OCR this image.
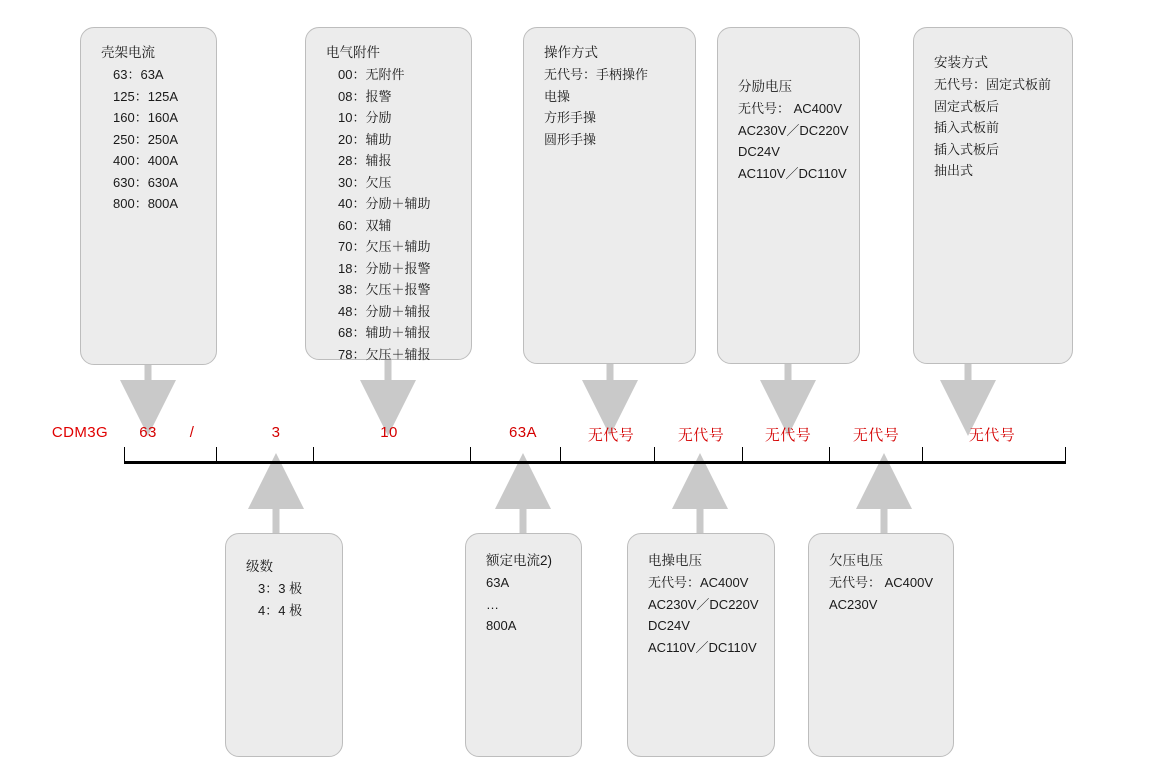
壳架电流
63：63A
125：125A
160：160A
250：250A
400：400A
630：630A
800：800A
电气附件
00：无附件
08：报警
10：分励
20：辅助
28：辅报
30：欠压
40：分励＋辅助
60：双辅
70：欠压＋辅助
18：分励＋报警
38：欠压＋报警
48：分励＋辅报
68：辅助＋辅报
78：欠压＋辅报
操作方式
无代号：手柄操作
电操
方形手操
圆形手操
分励电压
无代号： AC400V
AC230V／DC220V
DC24V
AC110V／DC110V
安装方式
无代号：固定式板前
固定式板后
插入式板前
插入式板后
抽出式
CDM3G	63	/	3	10	63A	无代号	无代号	无代号	无代号	无代号
级数
3：3 极
4：4 极
额定电流2)
63A
…
800A
电操电压
无代号：AC400V
AC230V／DC220V
DC24V
AC110V／DC110V
欠压电压
无代号： AC400V
AC230V
